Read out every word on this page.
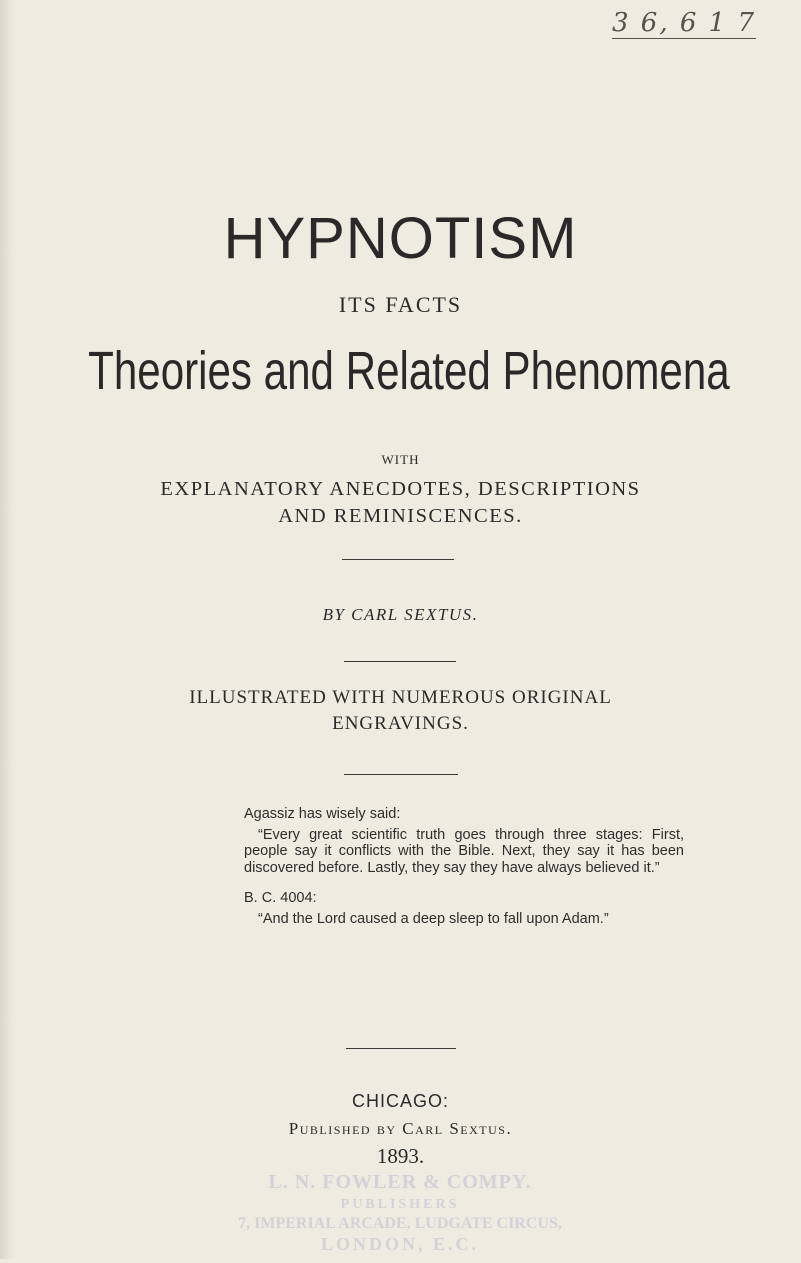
3 6, 6 1 7
HYPNOTISM
ITS FACTS
Theories and Related Phenomena
WITH
EXPLANATORY ANECDOTES, DESCRIPTIONS
AND REMINISCENCES.
BY CARL SEXTUS.
ILLUSTRATED WITH NUMEROUS ORIGINAL
ENGRAVINGS.

Agassiz has wisely said:

“Every great scientific truth goes through three stages: First, people say it conflicts with the Bible. Next, they say it has been discovered before. Lastly, they say they have always believed it.”

B. C. 4004:

“And the Lord caused a deep sleep to fall upon Adam.”

CHICAGO:
Published by Carl Sextus.
1893.
L. N. FOWLER & COMPY.
PUBLISHERS
7, IMPERIAL ARCADE, LUDGATE CIRCUS,
LONDON, E.C.
